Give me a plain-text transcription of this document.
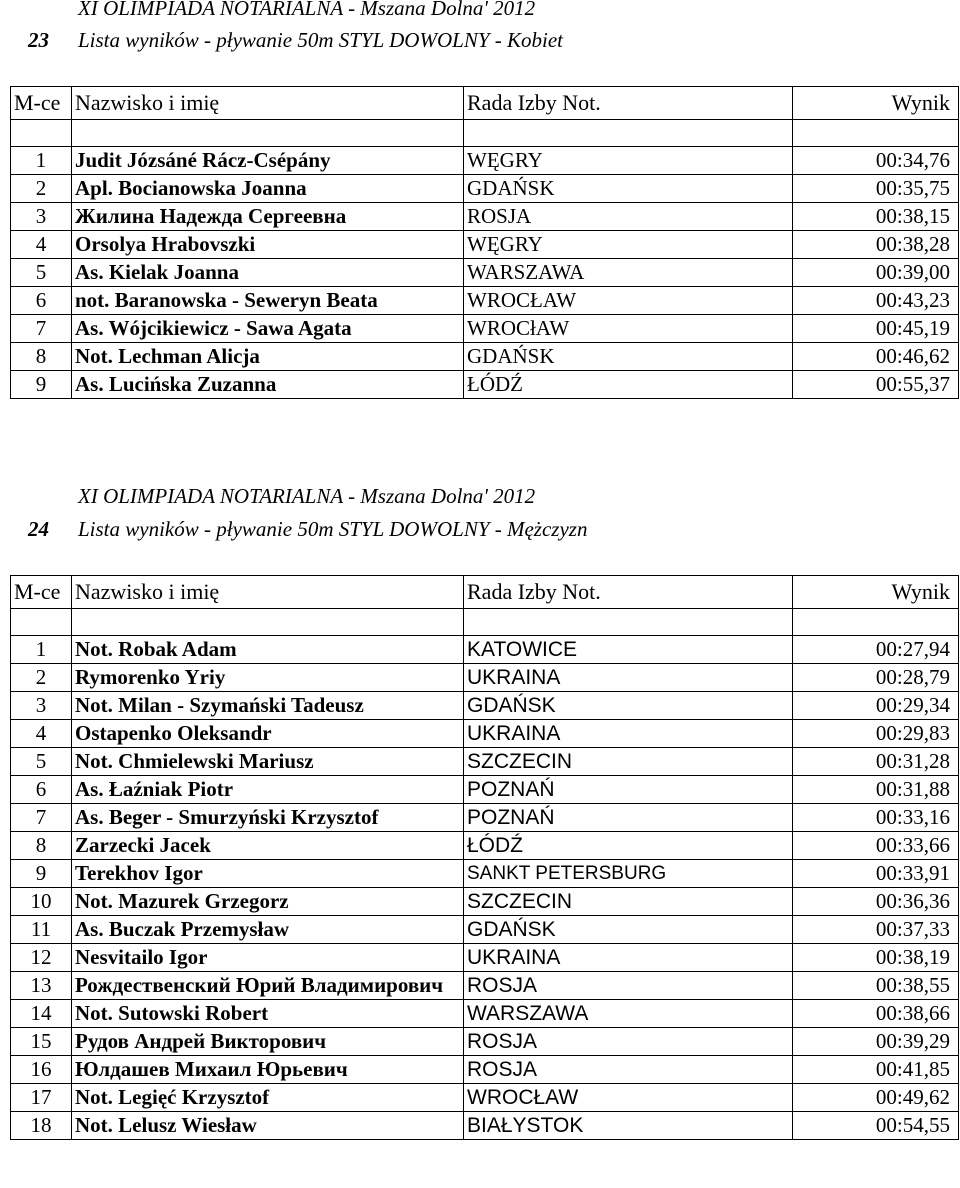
XI OLIMPIADA NOTARIALNA - Mszana Dolna' 2012
23 Lista wyników - pływanie 50m STYL DOWOLNY - Kobiet
M-ce	Nazwisko i imię	Rada Izby Not.	Wynik

1	Judit Józsáné Rácz-Csépány	WĘGRY	00:34,76
2	Apl. Bocianowska Joanna	GDAŃSK	00:35,75
3	Жилина Надежда Сергеевна	ROSJA	00:38,15
4	Orsolya Hrabovszki	WĘGRY	00:38,28
5	As. Kielak Joanna	WARSZAWA	00:39,00
6	not. Baranowska - Seweryn Beata	WROCŁAW	00:43,23
7	As. Wójcikiewicz - Sawa Agata	WROCłAW	00:45,19
8	Not. Lechman Alicja	GDAŃSK	00:46,62
9	As. Lucińska Zuzanna	ŁÓDŹ	00:55,37
XI OLIMPIADA NOTARIALNA - Mszana Dolna' 2012
24 Lista wyników - pływanie 50m STYL DOWOLNY - Mężczyzn
M-ce	Nazwisko i imię	Rada Izby Not.	Wynik

1	Not. Robak Adam	KATOWICE	00:27,94
2	Rymorenko Yriy	UKRAINA	00:28,79
3	Not. Milan - Szymański Tadeusz	GDAŃSK	00:29,34
4	Ostapenko Oleksandr	UKRAINA	00:29,83
5	Not. Chmielewski Mariusz	SZCZECIN	00:31,28
6	As. Łaźniak Piotr	POZNAŃ	00:31,88
7	As. Beger - Smurzyński Krzysztof	POZNAŃ	00:33,16
8	Zarzecki Jacek	ŁÓDŹ	00:33,66
9	Terekhov Igor	SANKT PETERSBURG	00:33,91
10	Not. Mazurek Grzegorz	SZCZECIN	00:36,36
11	As. Buczak Przemysław	GDAŃSK	00:37,33
12	Nesvitailo Igor	UKRAINA	00:38,19
13	Рождественский Юрий Владимирович	ROSJA	00:38,55
14	Not. Sutowski Robert	WARSZAWA	00:38,66
15	Рудов Андрей Викторович	ROSJA	00:39,29
16	Юлдашев Михаил Юрьевич	ROSJA	00:41,85
17	Not. Legięć Krzysztof	WROCŁAW	00:49,62
18	Not. Lelusz Wiesław	BIAŁYSTOK	00:54,55
